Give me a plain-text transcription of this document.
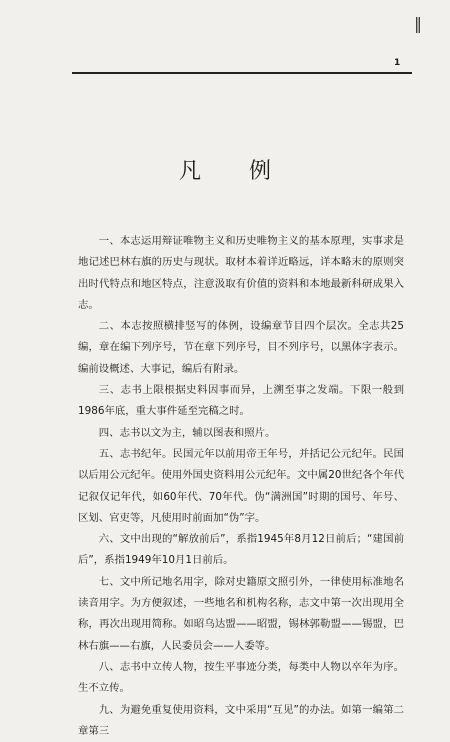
‖
1
凡例

一、本志运用辩证唯物主义和历史唯物主义的基本原理，实事求是地记述巴林右旗的历史与现状。取材本着详近略远，详本略末的原则突出时代特点和地区特点，注意汲取有价值的资料和本地最新科研成果入志。

二、本志按照横排竖写的体例，设编章节目四个层次。全志共25编，章在编下列序号，节在章下列序号，目不列序号，以黑体字表示。编前设概述、大事记，编后有附录。

三、志书上限根据史料因事而异，上溯至事之发端。下限一般到1986年底，重大事件延至完稿之时。

四、志书以文为主，辅以图表和照片。

五、志书纪年。民国元年以前用帝王年号，并括记公元纪年。民国以后用公元纪年。使用外国史资料用公元纪年。文中属20世纪各个年代记叙仅记年代，如60年代、70年代。伪“满洲国”时期的国号、年号、区划、官吏等，凡使用时前面加“伪”字。

六、文中出现的“解放前后”，系指1945年8月12日前后；“建国前后”，系指1949年10月1日前后。

七、文中所记地名用字，除对史籍原文照引外，一律使用标准地名读音用字。为方便叙述，一些地名和机构名称，志文中第一次出现用全称，再次出现用简称。如昭乌达盟——昭盟，锡林郭勒盟——锡盟，巴林右旗——右旗，人民委员会——人委等。

八、志书中立传人物，按生平事迹分类，每类中人物以卒年为序。生不立传。

九、为避免重复使用资料，文中采用“互见”的办法。如第一编第二章第三
